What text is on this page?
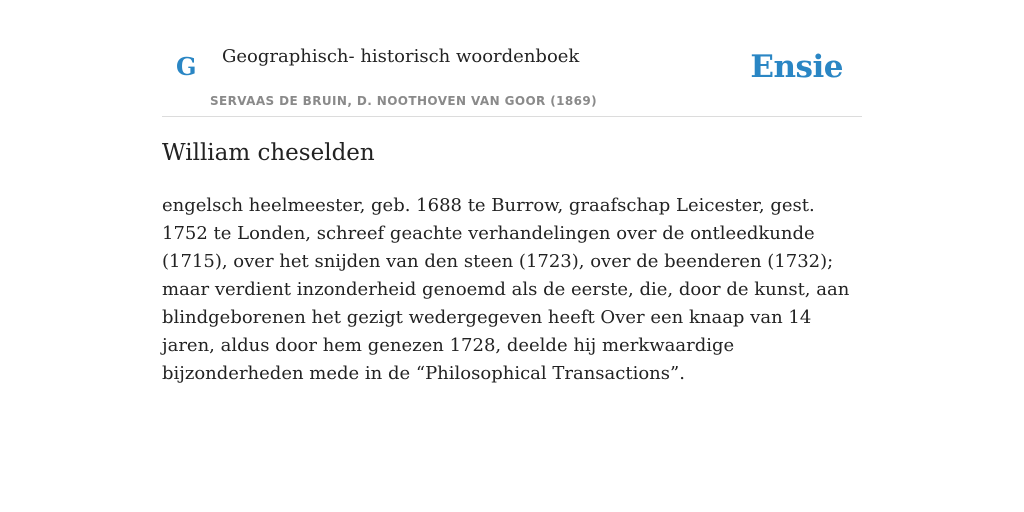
G Geographisch- historisch woordenboek
SERVAAS DE BRUIN, D. NOOTHOVEN VAN GOOR (1869)
Ensie
William cheselden

engelsch heelmeester, geb. 1688 te Burrow, graafschap Leicester, gest. 1752 te Londen, schreef geachte verhandelingen over de ontleedkunde (1715), over het snijden van den steen (1723), over de beenderen (1732); maar verdient inzonderheid genoemd als de eerste, die, door de kunst, aan blindgeborenen het gezigt wedergegeven heeft Over een knaap van 14 jaren, aldus door hem genezen 1728, deelde hij merkwaardige bijzonderheden mede in de “Philosophical Transactions”.
